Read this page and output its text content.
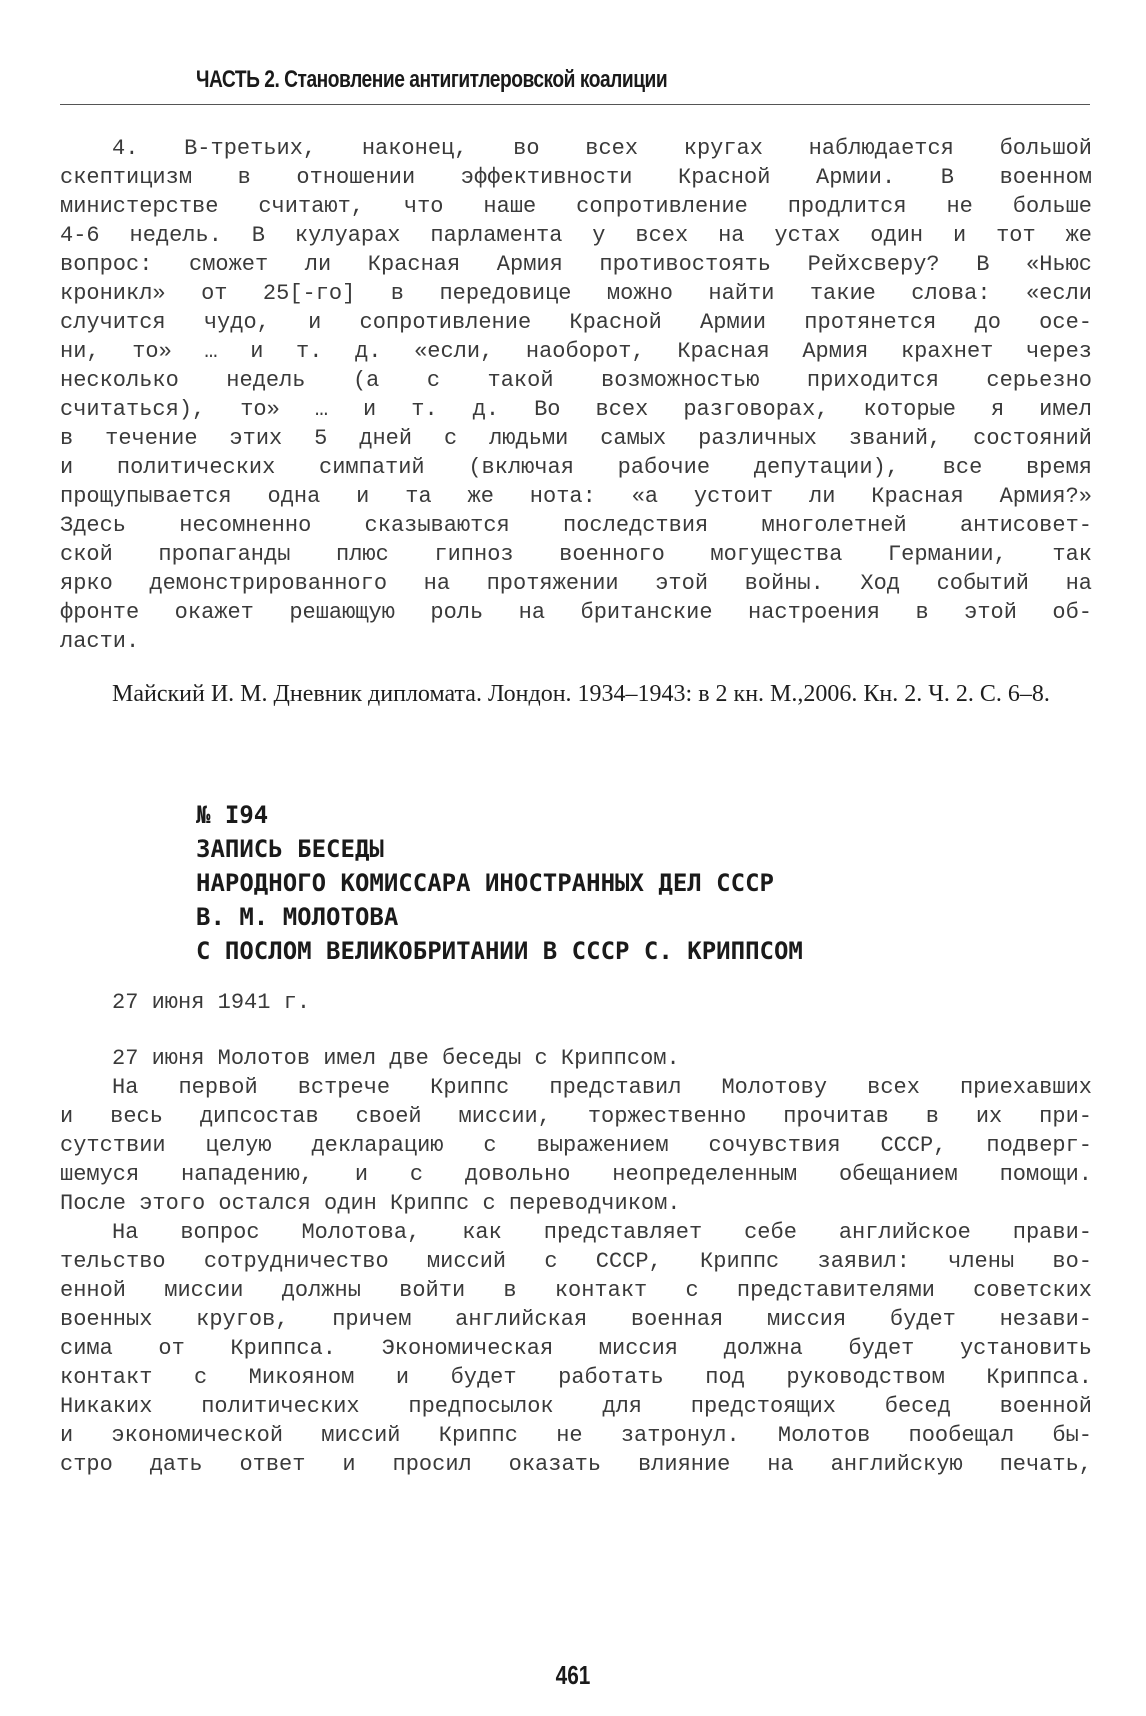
ЧАСТЬ 2. Становление антигитлеровской коалиции
4. В-третьих, наконец, во всех кругах наблюдается большой
скептицизм в отношении эффективности Красной Армии. В военном
министерстве считают, что наше сопротивление продлится не больше
4-6 недель. В кулуарах парламента у всех на устах один и тот же
вопрос: сможет ли Красная Армия противостоять Рейхсверу? В «Ньюс
кроникл» от 25[-го] в передовице можно найти такие слова: «если
случится чудо, и сопротивление Красной Армии протянется до осе-
ни, то» … и т. д. «если, наоборот, Красная Армия крахнет через
несколько недель (а с такой возможностью приходится серьезно
считаться), то» … и т. д. Во всех разговорах, которые я имел
в течение этих 5 дней с людьми самых различных званий, состояний
и политических симпатий (включая рабочие депутации), все время
прощупывается одна и та же нота: «а устоит ли Красная Армия?»
Здесь несомненно сказываются последствия многолетней антисовет-
ской пропаганды плюс гипноз военного могущества Германии, так
ярко демонстрированного на протяжении этой войны. Ход событий на
фронте окажет решающую роль на британские настроения в этой об-
ласти.
Майский И. М. Дневник дипломата. Лондон. 1934–1943: в 2 кн. М.,2006. Кн. 2. Ч. 2. С. 6–8.
№ I94
ЗАПИСЬ БЕСЕДЫ
НАРОДНОГО КОМИССАРА ИНОСТРАННЫХ ДЕЛ СССР
В. М. МОЛОТОВА
С ПОСЛОМ ВЕЛИКОБРИТАНИИ В СССР С. КРИППСОМ
27 июня 1941 г.
27 июня Молотов имел две беседы с Криппсом.
На первой встрече Криппс представил Молотову всех приехавших
и весь дипсостав своей миссии, торжественно прочитав в их при-
сутствии целую декларацию с выражением сочувствия СССР, подверг-
шемуся нападению, и с довольно неопределенным обещанием помощи.
После этого остался один Криппс с переводчиком.
На вопрос Молотова, как представляет себе английское прави-
тельство сотрудничество миссий с СССР, Криппс заявил: члены во-
енной миссии должны войти в контакт с представителями советских
военных кругов, причем английская военная миссия будет незави-
сима от Криппса. Экономическая миссия должна будет установить
контакт с Микояном и будет работать под руководством Криппса.
Никаких политических предпосылок для предстоящих бесед военной
и экономической миссий Криппс не затронул. Молотов пообещал бы-
стро дать ответ и просил оказать влияние на английскую печать,
461
